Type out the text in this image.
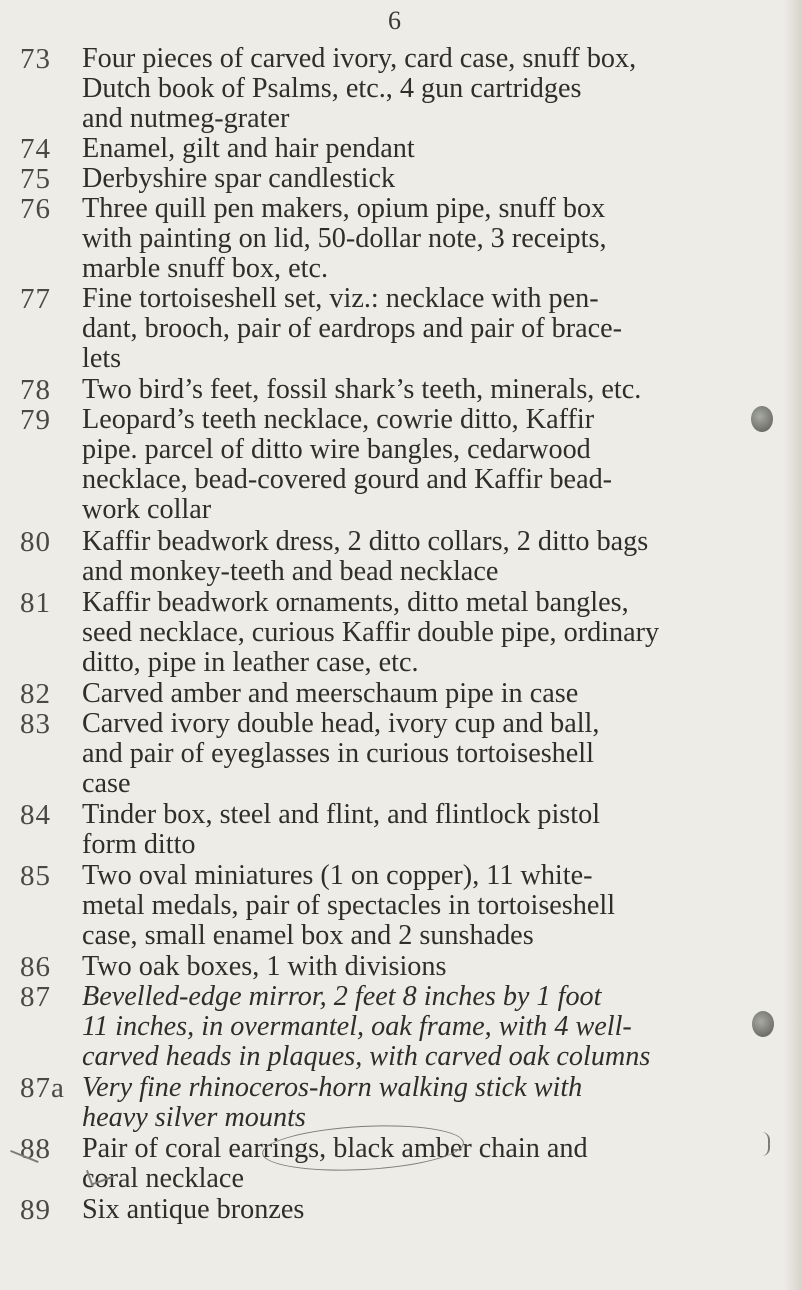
6
73	Four pieces of carved ivory, card case, snuff box,
Dutch book of Psalms, etc., 4 gun cartridges
and nutmeg-grater
74	Enamel, gilt and hair pendant
75	Derbyshire spar candlestick
76	Three quill pen makers, opium pipe, snuff box
with painting on lid, 50-dollar note, 3 receipts,
marble snuff box, etc.
77	Fine tortoiseshell set, viz.: necklace with pen-
dant, brooch, pair of eardrops and pair of brace-
lets
78	Two bird’s feet, fossil shark’s teeth, minerals, etc.
79	Leopard’s teeth necklace, cowrie ditto, Kaffir
pipe. parcel of ditto wire bangles, cedarwood
necklace, bead-covered gourd and Kaffir bead-
work collar
80	Kaffir beadwork dress, 2 ditto collars, 2 ditto bags
and monkey-teeth and bead necklace
81	Kaffir beadwork ornaments, ditto metal bangles,
seed necklace, curious Kaffir double pipe, ordinary
ditto, pipe in leather case, etc.
82	Carved amber and meerschaum pipe in case
83	Carved ivory double head, ivory cup and ball,
and pair of eyeglasses in curious tortoiseshell
case
84	Tinder box, steel and flint, and flintlock pistol
form ditto
85	Two oval miniatures (1 on copper), 11 white-
metal medals, pair of spectacles in tortoiseshell
case, small enamel box and 2 sunshades
86	Two oak boxes, 1 with divisions
87	Bevelled-edge mirror, 2 feet 8 inches by 1 foot
11 inches, in overmantel, oak frame, with 4 well-
carved heads in plaques, with carved oak columns
87a Very fine rhinoceros-horn walking stick with
heavy silver mounts
88	Pair of coral earrings, black amber chain and
coral necklace
89	Six antique bronzes
